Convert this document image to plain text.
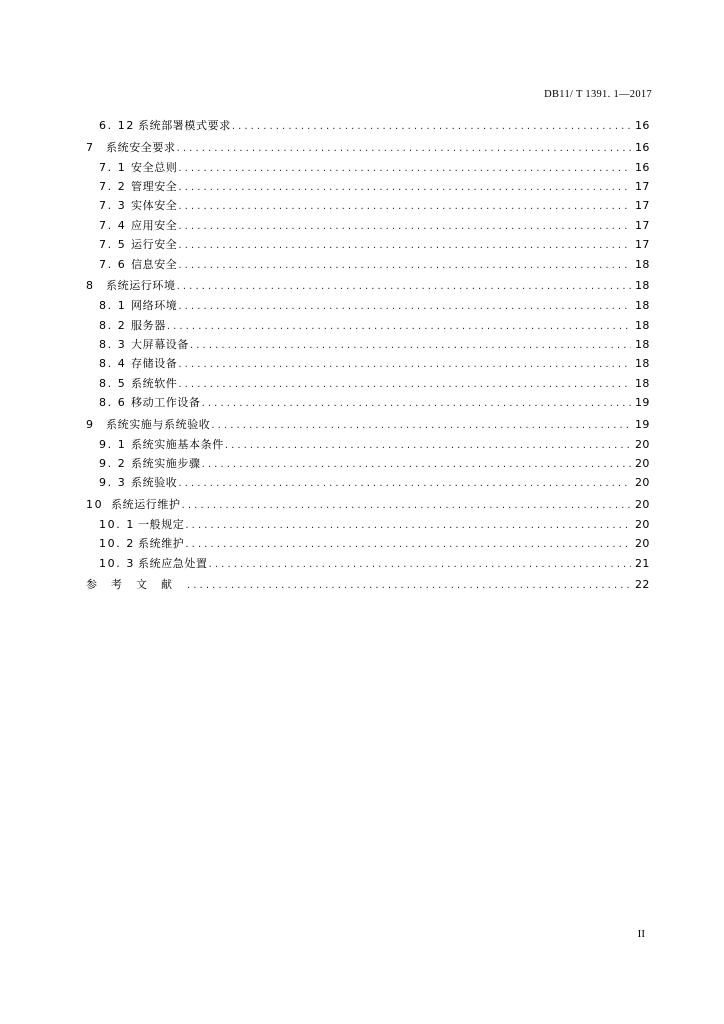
DB11/ T 1391. 1—2017
6. 12 系统部署模式要求 .....	16
7	系统安全要求 .....	16
7. 1 安全总则 .....	16
7. 2 管理安全 .....	17
7. 3 实体安全 .....	17
7. 4 应用安全 .....	17
7. 5 运行安全 .....	17
7. 6 信息安全 .....	18
8	系统运行环境 .....	18
8. 1 网络环境 .....	18
8. 2 服务器 .....	18
8. 3 大屏幕设备 .....	18
8. 4 存储设备 .....	18
8. 5 系统软件 .....	18
8. 6 移动工作设备 .....	19
9	系统实施与系统验收 .....	19
9. 1 系统实施基本条件 .....	20
9. 2 系统实施步骤 .....	20
9. 3 系统验收 .....	20
10 系统运行维护 .....	20
10. 1 一般规定 .....	20
10. 2 系统维护 .....	20
10. 3 系统应急处置 .....	21
参考文献 .....	22
II
